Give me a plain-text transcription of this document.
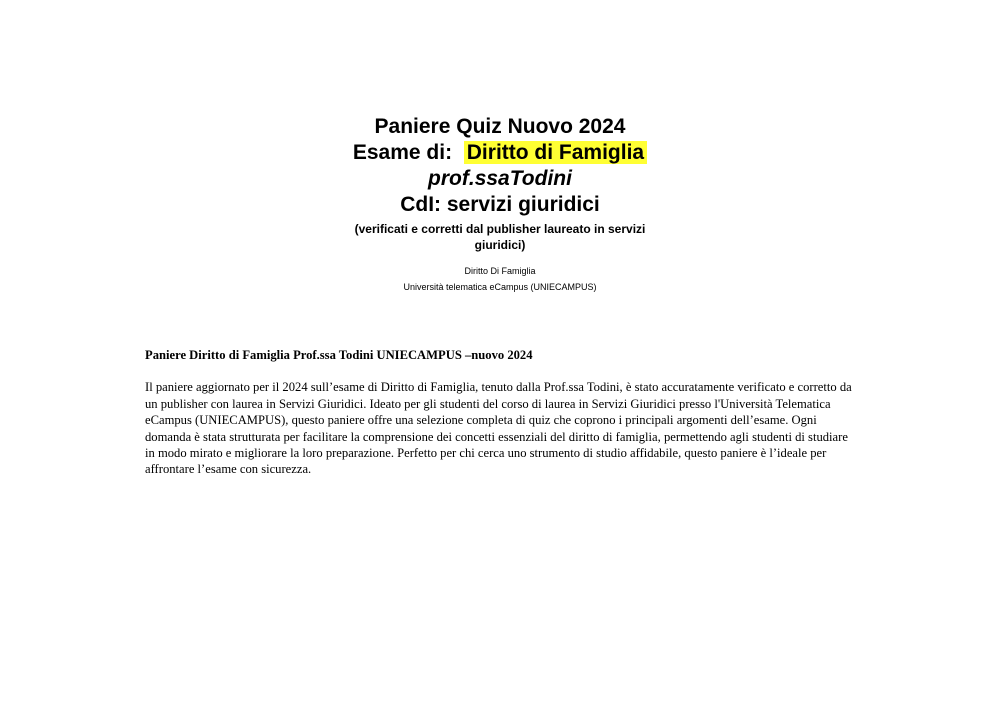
Paniere Quiz Nuovo 2024
Esame di: Diritto di Famiglia
prof.ssaTodini
CdI: servizi giuridici
(verificati e corretti dal publisher laureato in servizi giuridici)
Diritto Di Famiglia
Università telematica eCampus (UNIECAMPUS)

Paniere Diritto di Famiglia Prof.ssa Todini UNIECAMPUS –nuovo 2024

Il paniere aggiornato per il 2024 sull’esame di Diritto di Famiglia, tenuto dalla Prof.ssa Todini, è stato accuratamente verificato e corretto da un publisher con laurea in Servizi Giuridici. Ideato per gli studenti del corso di laurea in Servizi Giuridici presso l'Università Telematica eCampus (UNIECAMPUS), questo paniere offre una selezione completa di quiz che coprono i principali argomenti dell’esame. Ogni domanda è stata strutturata per facilitare la comprensione dei concetti essenziali del diritto di famiglia, permettendo agli studenti di studiare in modo mirato e migliorare la loro preparazione. Perfetto per chi cerca uno strumento di studio affidabile, questo paniere è l’ideale per affrontare l’esame con sicurezza.
